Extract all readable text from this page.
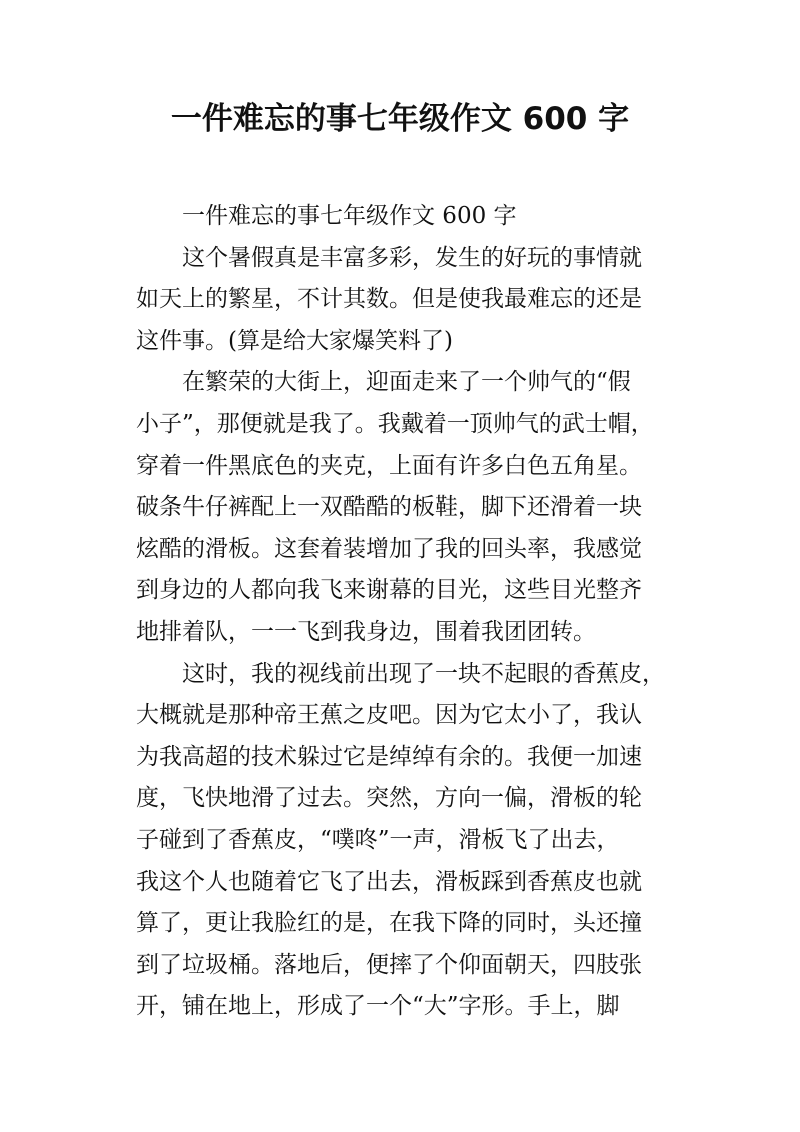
一件难忘的事七年级作文 600 字
一件难忘的事七年级作文 600 字
这个暑假真是丰富多彩，发生的好玩的事情就
如天上的繁星，不计其数。但是使我最难忘的还是
这件事。(算是给大家爆笑料了)
在繁荣的大街上，迎面走来了一个帅气的“假
小子”，那便就是我了。我戴着一顶帅气的武士帽，
穿着一件黑底色的夹克，上面有许多白色五角星。
破条牛仔裤配上一双酷酷的板鞋，脚下还滑着一块
炫酷的滑板。这套着装增加了我的回头率，我感觉
到身边的人都向我飞来谢幕的目光，这些目光整齐
地排着队，一一飞到我身边，围着我团团转。
这时，我的视线前出现了一块不起眼的香蕉皮，
大概就是那种帝王蕉之皮吧。因为它太小了，我认
为我高超的技术躲过它是绰绰有余的。我便一加速
度，飞快地滑了过去。突然，方向一偏，滑板的轮
子碰到了香蕉皮，“噗咚”一声，滑板飞了出去，
我这个人也随着它飞了出去，滑板踩到香蕉皮也就
算了，更让我脸红的是，在我下降的同时，头还撞
到了垃圾桶。落地后，便摔了个仰面朝天，四肢张
开，铺在地上，形成了一个“大”字形。手上，脚
